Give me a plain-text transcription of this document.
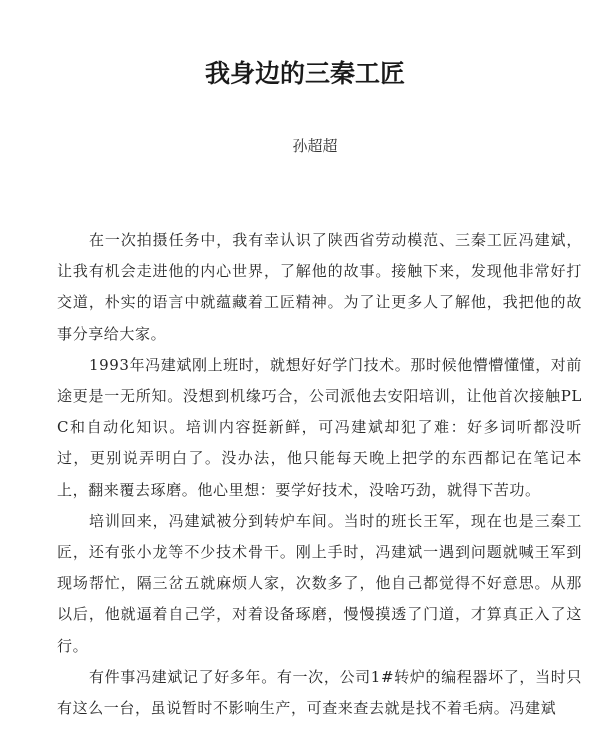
我身边的三秦工匠

孙超超

在一次拍摄任务中，我有幸认识了陕西省劳动模范、三秦工匠冯建斌，让我有机会走进他的内心世界，了解他的故事。接触下来，发现他非常好打交道，朴实的语言中就蕴藏着工匠精神。为了让更多人了解他，我把他的故事分享给大家。

1993年冯建斌刚上班时，就想好好学门技术。那时候他懵懵懂懂，对前途更是一无所知。没想到机缘巧合，公司派他去安阳培训，让他首次接触PLC和自动化知识。培训内容挺新鲜，可冯建斌却犯了难：好多词听都没听过，更别说弄明白了。没办法，他只能每天晚上把学的东西都记在笔记本上，翻来覆去琢磨。他心里想：要学好技术，没啥巧劲，就得下苦功。

培训回来，冯建斌被分到转炉车间。当时的班长王军，现在也是三秦工匠，还有张小龙等不少技术骨干。刚上手时，冯建斌一遇到问题就喊王军到现场帮忙，隔三岔五就麻烦人家，次数多了，他自己都觉得不好意思。从那以后，他就逼着自己学，对着设备琢磨，慢慢摸透了门道，才算真正入了这行。

有件事冯建斌记了好多年。有一次，公司1#转炉的编程器坏了，当时只有这么一台，虽说暂时不影响生产，可查来查去就是找不着毛病。冯建斌
